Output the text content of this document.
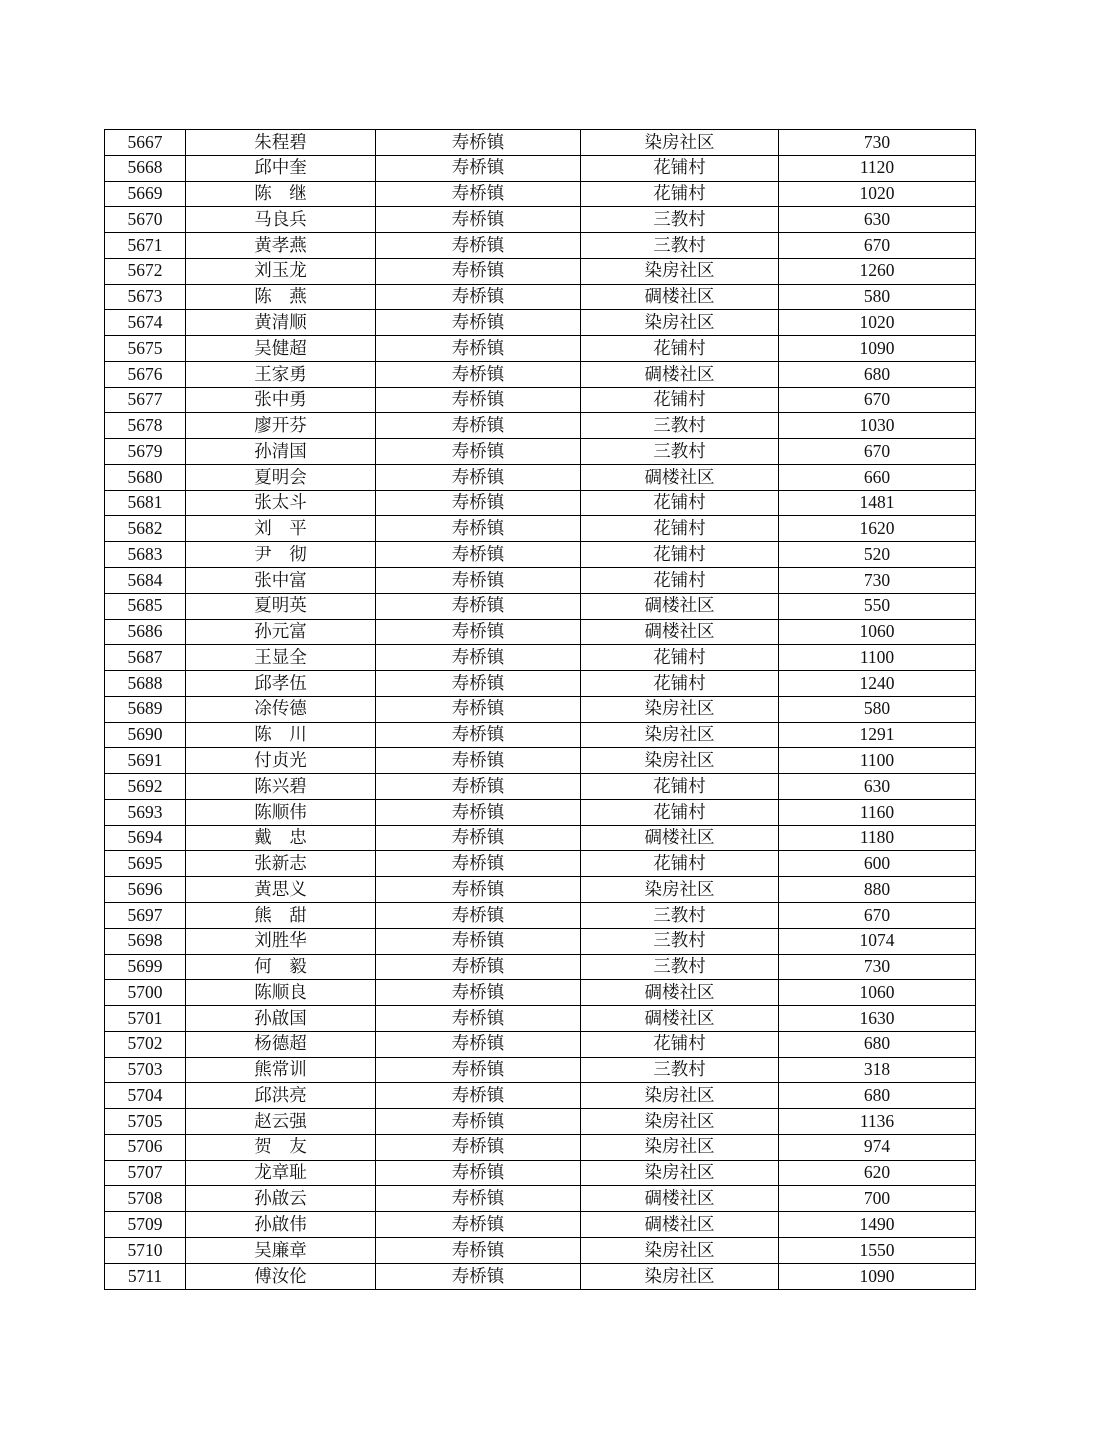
5667	朱程碧	寿桥镇	染房社区	730
5668	邱中奎	寿桥镇	花铺村	1120
5669	陈  继	寿桥镇	花铺村	1020
5670	马良兵	寿桥镇	三教村	630
5671	黄孝燕	寿桥镇	三教村	670
5672	刘玉龙	寿桥镇	染房社区	1260
5673	陈  燕	寿桥镇	碉楼社区	580
5674	黄清顺	寿桥镇	染房社区	1020
5675	吴健超	寿桥镇	花铺村	1090
5676	王家勇	寿桥镇	碉楼社区	680
5677	张中勇	寿桥镇	花铺村	670
5678	廖开芬	寿桥镇	三教村	1030
5679	孙清国	寿桥镇	三教村	670
5680	夏明会	寿桥镇	碉楼社区	660
5681	张太斗	寿桥镇	花铺村	1481
5682	刘  平	寿桥镇	花铺村	1620
5683	尹  彻	寿桥镇	花铺村	520
5684	张中富	寿桥镇	花铺村	730
5685	夏明英	寿桥镇	碉楼社区	550
5686	孙元富	寿桥镇	碉楼社区	1060
5687	王显全	寿桥镇	花铺村	1100
5688	邱孝伍	寿桥镇	花铺村	1240
5689	凃传德	寿桥镇	染房社区	580
5690	陈  川	寿桥镇	染房社区	1291
5691	付贞光	寿桥镇	染房社区	1100
5692	陈兴碧	寿桥镇	花铺村	630
5693	陈顺伟	寿桥镇	花铺村	1160
5694	戴  忠	寿桥镇	碉楼社区	1180
5695	张新志	寿桥镇	花铺村	600
5696	黄思义	寿桥镇	染房社区	880
5697	熊  甜	寿桥镇	三教村	670
5698	刘胜华	寿桥镇	三教村	1074
5699	何  毅	寿桥镇	三教村	730
5700	陈顺良	寿桥镇	碉楼社区	1060
5701	孙啟国	寿桥镇	碉楼社区	1630
5702	杨德超	寿桥镇	花铺村	680
5703	熊常训	寿桥镇	三教村	318
5704	邱洪亮	寿桥镇	染房社区	680
5705	赵云强	寿桥镇	染房社区	1136
5706	贺  友	寿桥镇	染房社区	974
5707	龙章耻	寿桥镇	染房社区	620
5708	孙啟云	寿桥镇	碉楼社区	700
5709	孙啟伟	寿桥镇	碉楼社区	1490
5710	吴廉章	寿桥镇	染房社区	1550
5711	傅汝伦	寿桥镇	染房社区	1090
